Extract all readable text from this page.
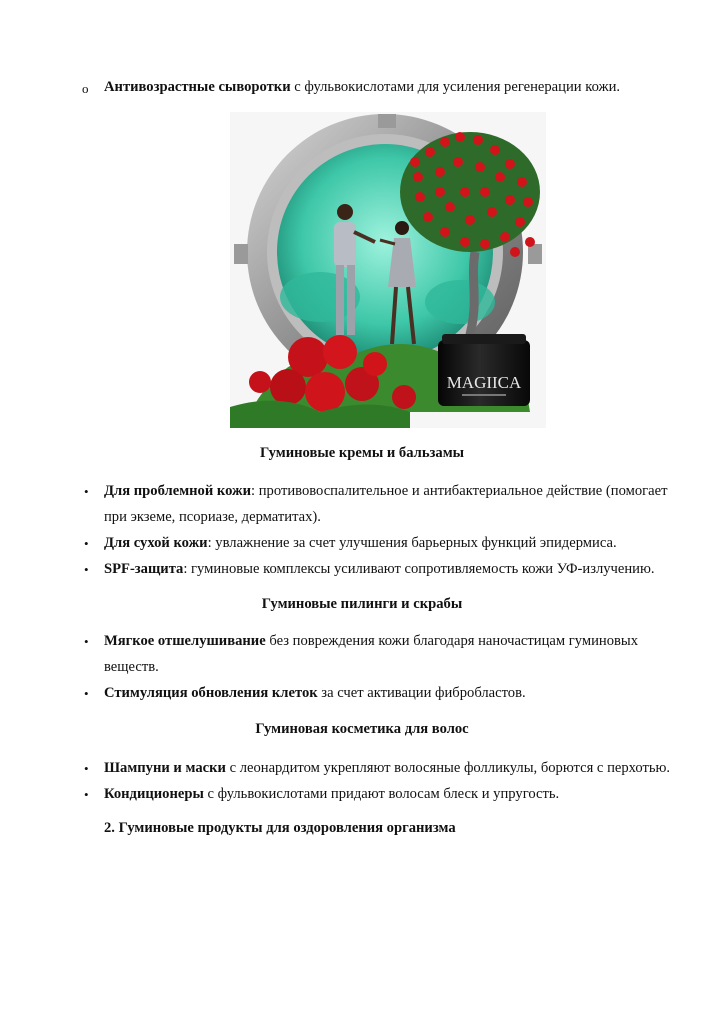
o Антивозрастные сыворотки с фульвокислотами для усиления регенерации кожи.
MAGIICA
Гуминовые кремы и бальзамы
• Для проблемной кожи: противовоспалительное и антибактериальное действие (помогает
при экземе, псориазе, дерматитах).
• Для сухой кожи: увлажнение за счет улучшения барьерных функций эпидермиса.
• SPF-защита: гуминовые комплексы усиливают сопротивляемость кожи УФ-излучению.
Гуминовые пилинги и скрабы
• Мягкое отшелушивание без повреждения кожи благодаря наночастицам гуминовых
веществ.
• Стимуляция обновления клеток за счет активации фибробластов.
Гуминовая косметика для волос
• Шампуни и маски с леонардитом укрепляют волосяные фолликулы, борются с перхотью.
• Кондиционеры с фульвокислотами придают волосам блеск и упругость.
2. Гуминовые продукты для оздоровления организма
